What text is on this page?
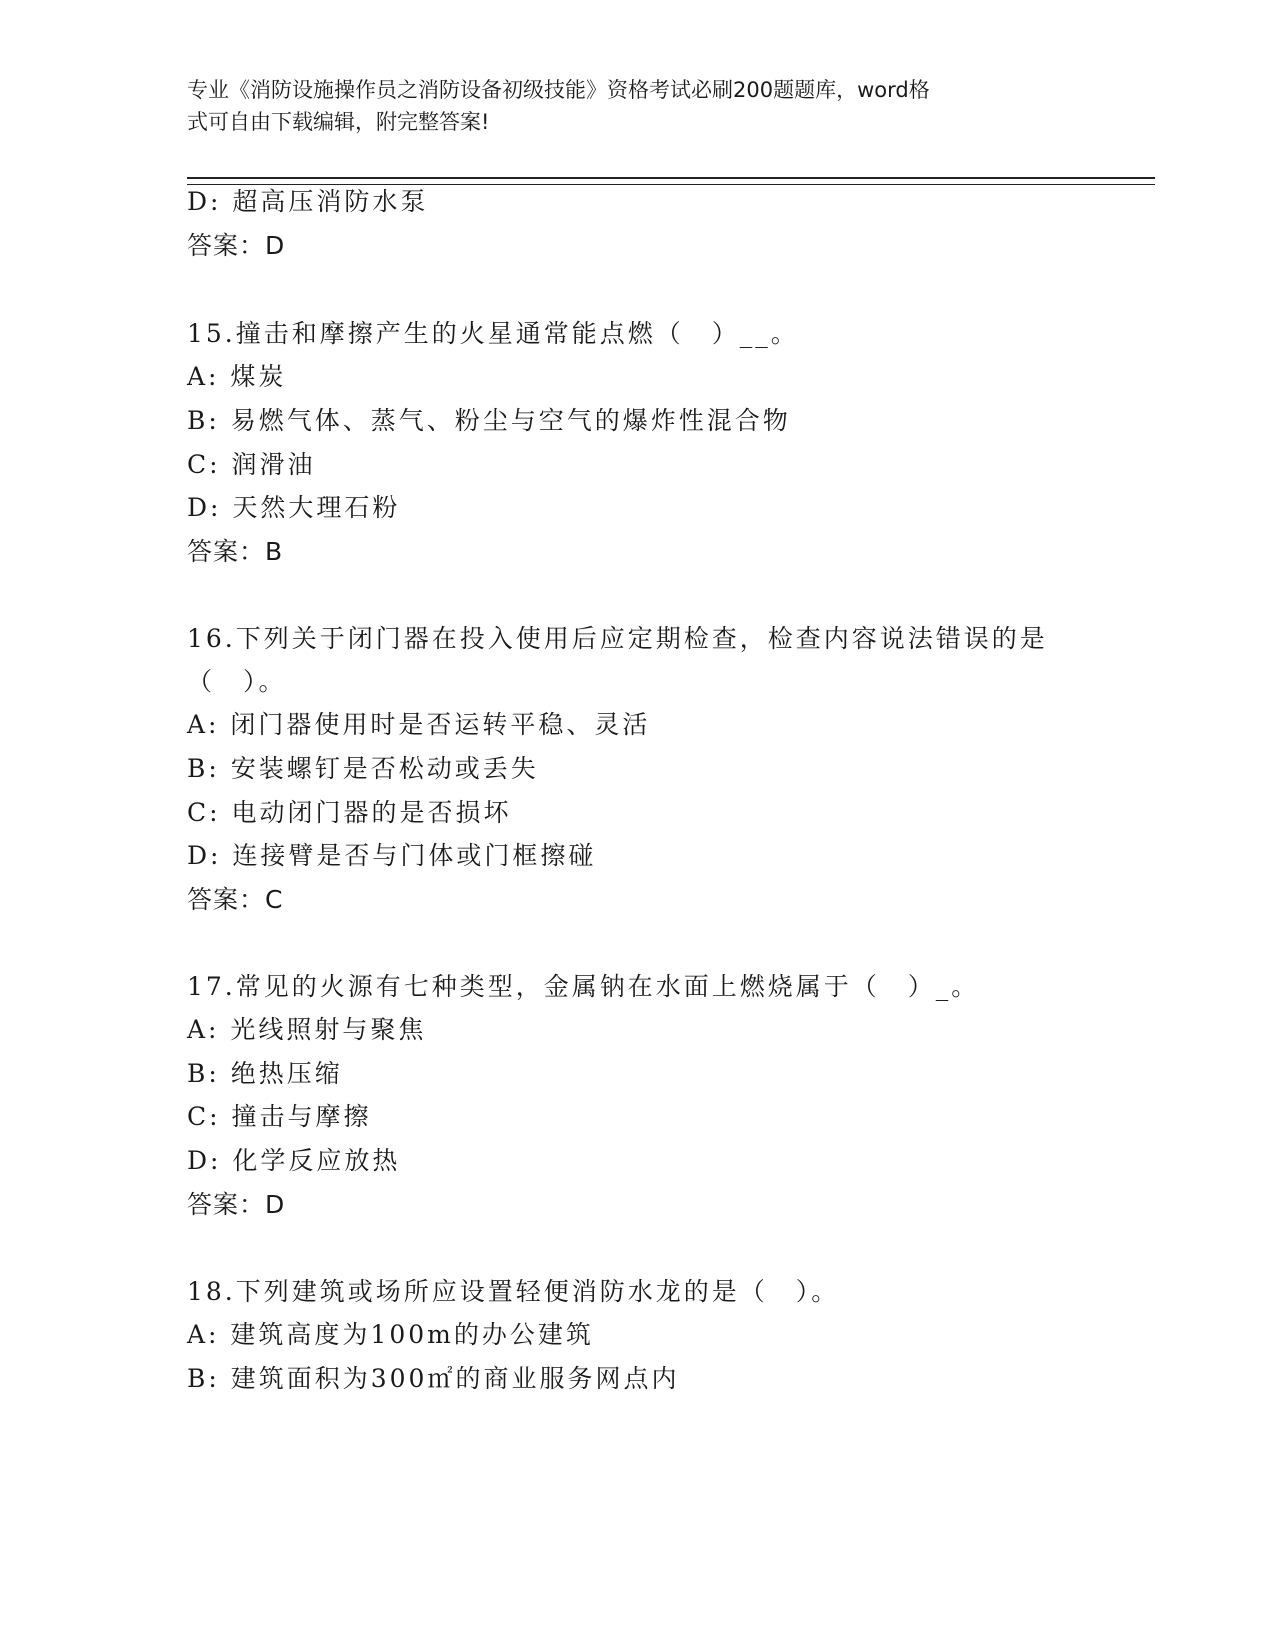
专业《消防设施操作员之消防设备初级技能》资格考试必刷200题题库，word格
式可自由下载编辑，附完整答案!
D: 超高压消防水泵
答案：D
15.撞击和摩擦产生的火星通常能点燃（　）__。
A: 煤炭
B: 易燃气体、蒸气、粉尘与空气的爆炸性混合物
C: 润滑油
D: 天然大理石粉
答案：B
16.下列关于闭门器在投入使用后应定期检查，检查内容说法错误的是
（　）。
A: 闭门器使用时是否运转平稳、灵活
B: 安装螺钉是否松动或丢失
C: 电动闭门器的是否损坏
D: 连接臂是否与门体或门框擦碰
答案：C
17.常见的火源有七种类型，金属钠在水面上燃烧属于（　）_。
A: 光线照射与聚焦
B: 绝热压缩
C: 撞击与摩擦
D: 化学反应放热
答案：D
18.下列建筑或场所应设置轻便消防水龙的是（　）。
A: 建筑高度为100m的办公建筑
B: 建筑面积为300㎡的商业服务网点内
